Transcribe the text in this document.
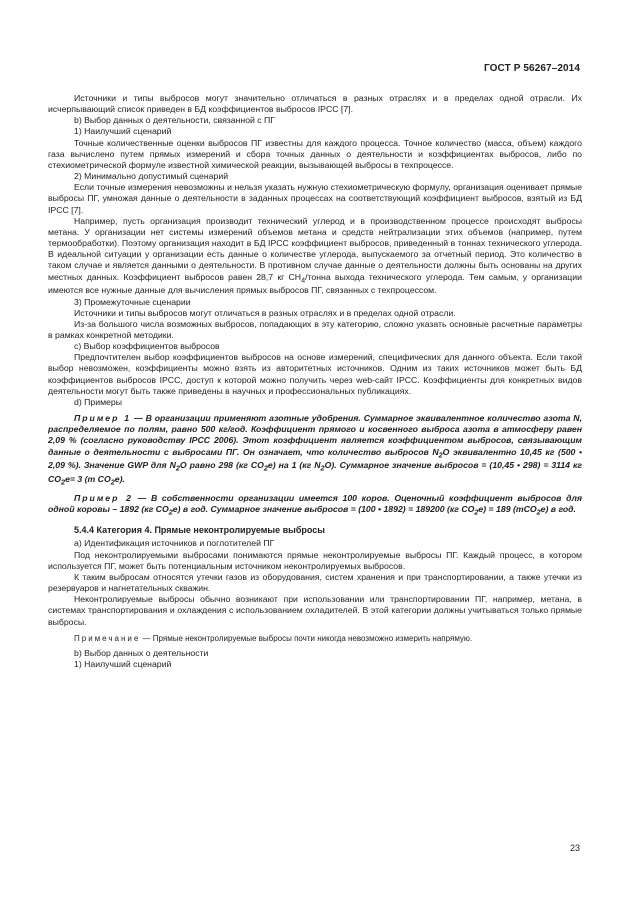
ГОСТ Р 56267–2014

Источники и типы выбросов могут значительно отличаться в разных отраслях и в пределах одной отрасли. Их исчерпывающий список приведен в БД коэффициентов выбросов IPCC [7].

b) Выбор данных о деятельности, связанной с ПГ

1) Наилучший сценарий

Точные количественные оценки выбросов ПГ известны для каждого процесса. Точное количество (масса, объем) каждого газа вычислено путем прямых измерений и сбора точных данных о деятельности и коэффициентах выбросов, либо по стехиометрической формуле известной химической реакции, вызывающей выбросы в техпроцессе.

2) Минимально допустимый сценарий

Если точные измерения невозможны и нельзя указать нужную стехиометрическую формулу, организация оценивает прямые выбросы ПГ, умножая данные о деятельности в заданных процессах на соответствующий коэффициент выбросов, взятый из БД IPCC [7].

Например, пусть организация производит технический углерод и в производственном процессе происходят выбросы метана. У организации нет системы измерений объемов метана и средств нейтрализации этих объемов (например, путем термообработки). Поэтому организация находит в БД IPCC коэффициент выбросов, приведенный в тоннах технического углерода. В идеальной ситуации у организации есть данные о количестве углерода, выпускаемого за отчетный период. Это количество в таком случае и является данными о деятельности. В противном случае данные о деятельности должны быть основаны на других местных данных. Коэффициент выбросов равен 28,7 кг $CH_4$/тонна выхода технического углерода. Тем самым, у организации имеются все нужные данные для вычисления прямых выбросов ПГ, связанных с техпроцессом.

3) Промежуточные сценарии

Источники и типы выбросов могут отличаться в разных отраслях и в пределах одной отрасли.

Из-за большого числа возможных выбросов, попадающих в эту категорию, сложно указать основные расчетные параметры в рамках конкретной методики.

c) Выбор коэффициентов выбросов

Предпочтителен выбор коэффициентов выбросов на основе измерений, специфических для данного объекта. Если такой выбор невозможен, коэффициенты можно взять из авторитетных источников. Одним из таких источников может быть БД коэффициентов выбросов IPCC, доступ к которой можно получить через web-сайт IPCC. Коэффициенты для конкретных видов деятельности могут быть также приведены в научных и профессиональных публикациях.

d) Примеры

Пример 1 — В организации применяют азотные удобрения. Суммарное эквивалентное количество азота N, распределяемое по полям, равно 500 кг/год. Коэффициент прямого и косвенного выброса азота в атмосферу равен 2,09 % (согласно руководству IPCC 2006). Этот коэффициент является коэффициентом выбросов, связывающим данные о деятельности с выбросами ПГ. Он означает, что количество выбросов $N_2O$ эквивалентно 10,45 кг (500 • 2,09 %). Значение GWP для $N_2O$ равно 298 (кг $CO_2e$) на 1 (кг $N_2O$). Суммарное значение выбросов = (10,45 • 298) = 3114 кг $CO_2e= 3$ (т $CO_2e$).

Пример 2 — В собственности организации имеется 100 коров. Оценочный коэффициент выбросов для одной коровы – 1892 (кг $CO_2e$) в год. Суммарное значение выбросов = (100 • 1892) = 189200 (кг $CO_2e) = 189$ (тCO$_2$e) в год.

5.4.4 Категория 4. Прямые неконтролируемые выбросы

a) Идентификация источников и поглотителей ПГ

Под неконтролируемыми выбросами понимаются прямые неконтролируемые выбросы ПГ. Каждый процесс, в котором используется ПГ, может быть потенциальным источником неконтролируемых выбросов.

К таким выбросам относятся утечки газов из оборудования, систем хранения и при транспортировании, а также утечки из резервуаров и нагнетательных скважин.

Неконтролируемые выбросы обычно возникают при использовании или транспортировании ПГ, например, метана, в системах транспортирования и охлаждения с использованием охладителей. В этой категории должны учитываться только прямые выбросы.

Примечание — Прямые неконтролируемые выбросы почти никогда невозможно измерить напрямую.

b) Выбор данных о деятельности

1) Наилучший сценарий

23
